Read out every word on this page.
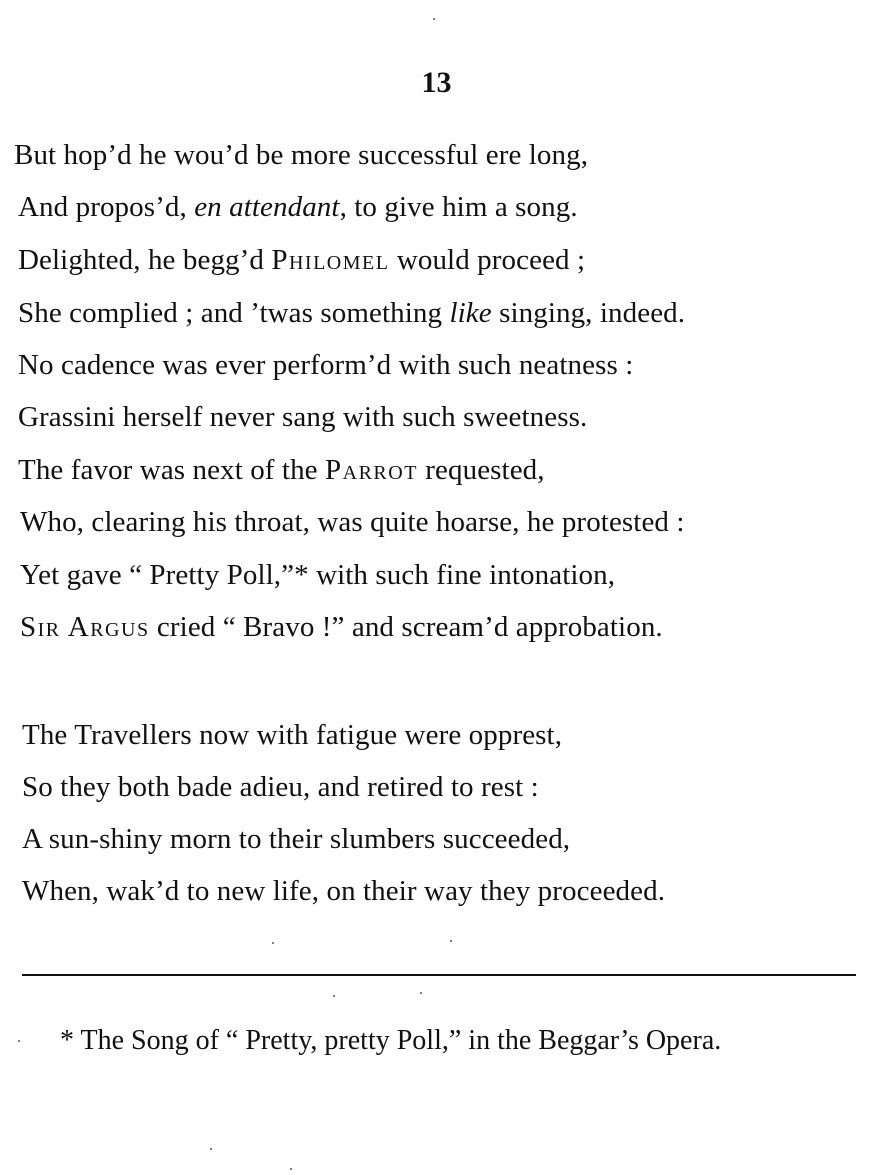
13
But hop’d he wou’d be more successful ere long,
And propos’d, en attendant, to give him a song.
Delighted, he begg’d Philomel would proceed ;
She complied ; and ’twas something like singing, indeed.
No cadence was ever perform’d with such neatness :
Grassini herself never sang with such sweetness.
The favor was next of the Parrot requested,
Who, clearing his throat, was quite hoarse, he protested :
Yet gave “ Pretty Poll,”* with such fine intonation,
Sir Argus cried “ Bravo !” and scream’d approbation.
The Travellers now with fatigue were opprest,
So they both bade adieu, and retired to rest :
A sun-shiny morn to their slumbers succeeded,
When, wak’d to new life, on their way they proceeded.
* The Song of “ Pretty, pretty Poll,” in the Beggar’s Opera.
